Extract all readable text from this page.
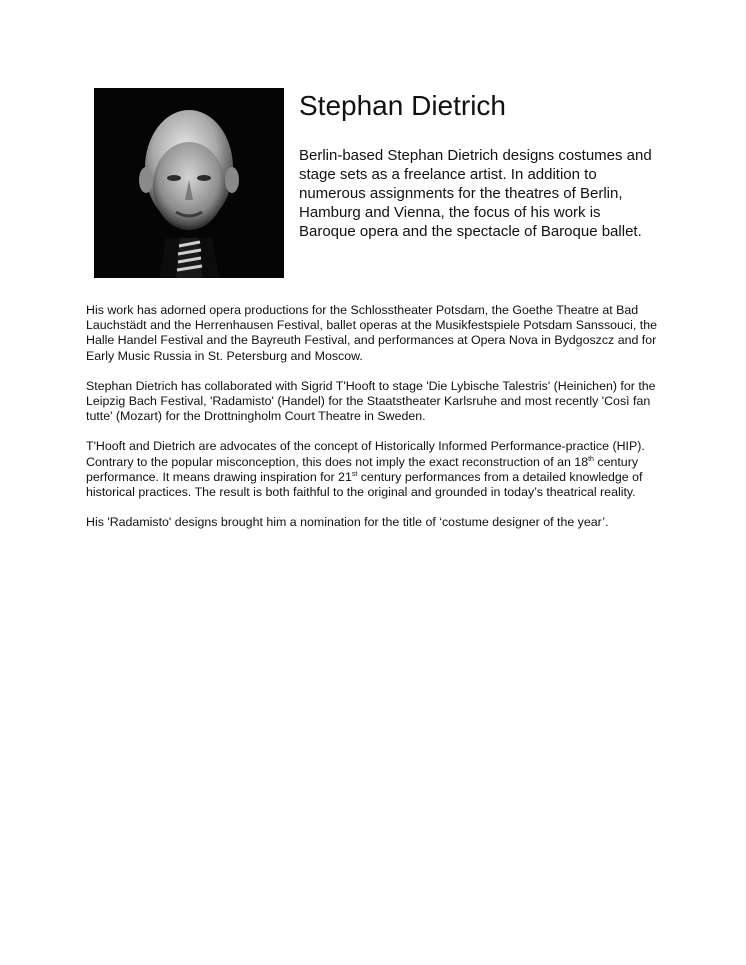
Stephan Dietrich

Berlin-based Stephan Dietrich designs costumes and stage sets as a freelance artist. In addition to numerous assignments for the theatres of Berlin, Hamburg and Vienna, the focus of his work is Baroque opera and the spectacle of Baroque ballet.

His work has adorned opera productions for the Schlosstheater Potsdam, the Goethe Theatre at Bad Lauchstädt and the Herrenhausen Festival, ballet operas at the Musikfestspiele Potsdam Sanssouci, the Halle Handel Festival and the Bayreuth Festival, and performances at Opera Nova in Bydgoszcz and for Early Music Russia in St. Petersburg and Moscow.

Stephan Dietrich has collaborated with Sigrid T'Hooft to stage 'Die Lybische Talestris' (Heinichen) for the Leipzig Bach Festival, 'Radamisto' (Handel) for the Staatstheater Karlsruhe and most recently 'Così fan tutte' (Mozart) for the Drottningholm Court Theatre in Sweden.

T'Hooft and Dietrich are advocates of the concept of Historically Informed Performance-practice (HIP). Contrary to the popular misconception, this does not imply the exact reconstruction of an 18th century performance. It means drawing inspiration for 21st century performances from a detailed knowledge of historical practices. The result is both faithful to the original and grounded in today’s theatrical reality.

His 'Radamisto' designs brought him a nomination for the title of ‘costume designer of the year’.
